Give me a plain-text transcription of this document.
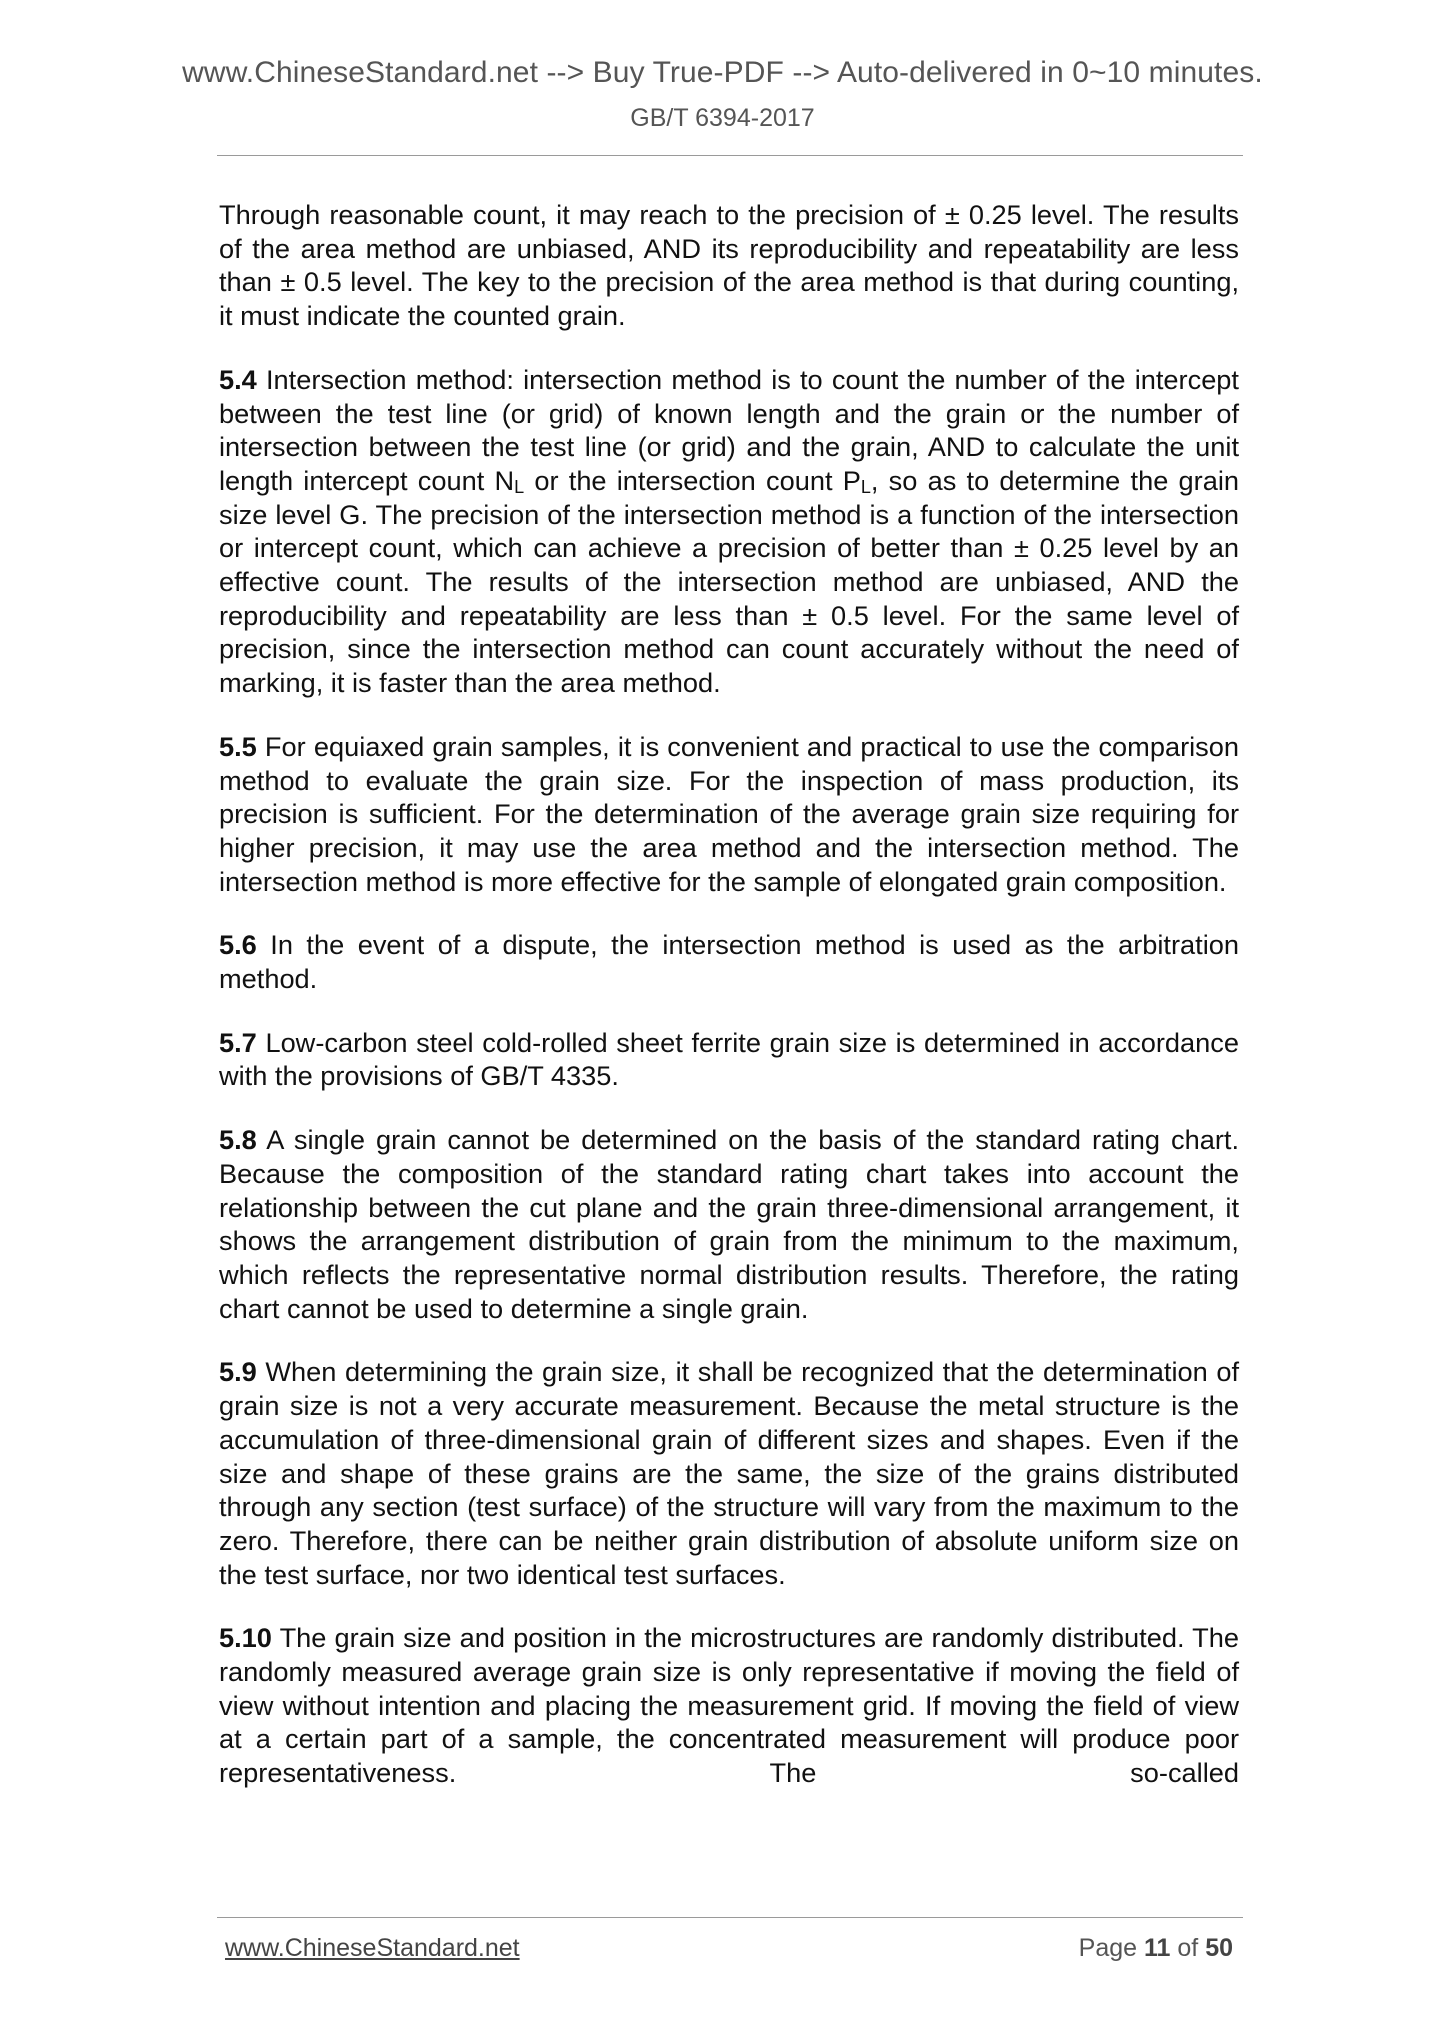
www.ChineseStandard.net --> Buy True-PDF --> Auto-delivered in 0~10 minutes.
GB/T 6394-2017

Through reasonable count, it may reach to the precision of ± 0.25 level. The results of the area method are unbiased, AND its reproducibility and repeatability are less than ± 0.5 level. The key to the precision of the area method is that during counting, it must indicate the counted grain.

5.4 Intersection method: intersection method is to count the number of the intercept between the test line (or grid) of known length and the grain or the number of intersection between the test line (or grid) and the grain, AND to calculate the unit length intercept count NL or the intersection count PL, so as to determine the grain size level G. The precision of the intersection method is a function of the intersection or intercept count, which can achieve a precision of better than ± 0.25 level by an effective count. The results of the intersection method are unbiased, AND the reproducibility and repeatability are less than ± 0.5 level. For the same level of precision, since the intersection method can count accurately without the need of marking, it is faster than the area method.

5.5 For equiaxed grain samples, it is convenient and practical to use the comparison method to evaluate the grain size. For the inspection of mass production, its precision is sufficient. For the determination of the average grain size requiring for higher precision, it may use the area method and the intersection method. The intersection method is more effective for the sample of elongated grain composition.

5.6 In the event of a dispute, the intersection method is used as the arbitration method.

5.7 Low-carbon steel cold-rolled sheet ferrite grain size is determined in accordance with the provisions of GB/T 4335.

5.8 A single grain cannot be determined on the basis of the standard rating chart. Because the composition of the standard rating chart takes into account the relationship between the cut plane and the grain three-dimensional arrangement, it shows the arrangement distribution of grain from the minimum to the maximum, which reflects the representative normal distribution results. Therefore, the rating chart cannot be used to determine a single grain.

5.9 When determining the grain size, it shall be recognized that the determination of grain size is not a very accurate measurement. Because the metal structure is the accumulation of three-dimensional grain of different sizes and shapes. Even if the size and shape of these grains are the same, the size of the grains distributed through any section (test surface) of the structure will vary from the maximum to the zero. Therefore, there can be neither grain distribution of absolute uniform size on the test surface, nor two identical test surfaces.

5.10 The grain size and position in the microstructures are randomly distributed. The randomly measured average grain size is only representative if moving the field of view without intention and placing the measurement grid. If moving the field of view at a certain part of a sample, the concentrated measurement will produce poor representativeness. The so-called

www.ChineseStandard.net	Page 11 of 50
